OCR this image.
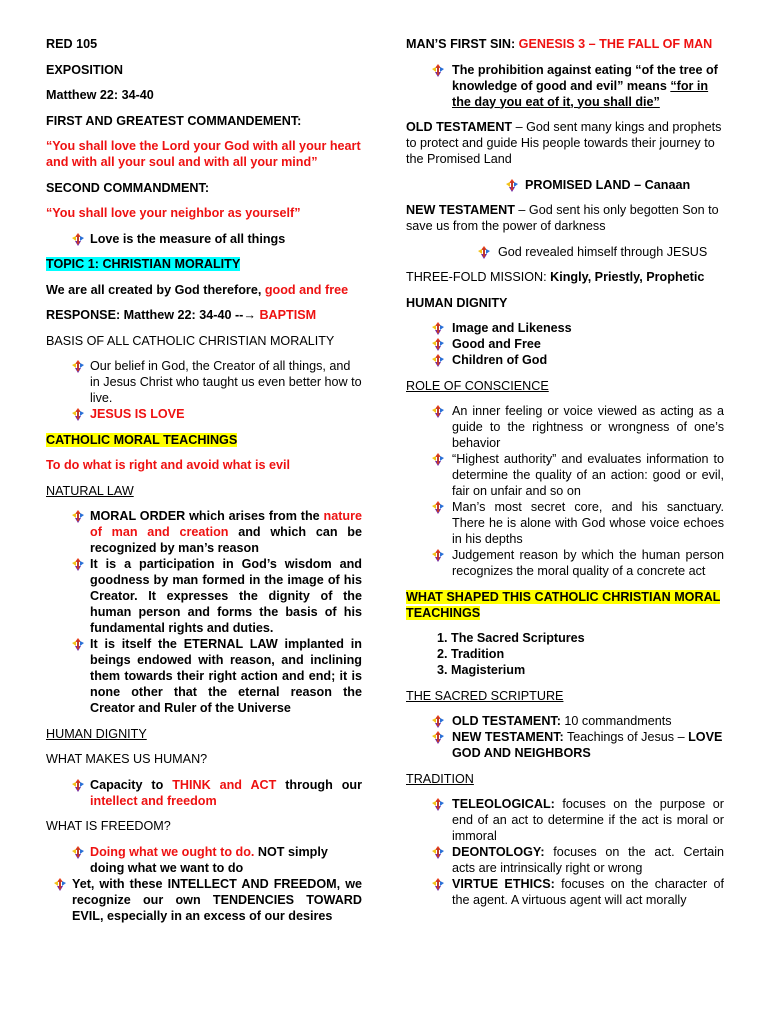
RED 105

EXPOSITION

Matthew 22: 34-40

FIRST AND GREATEST COMMANDEMENT:

“You shall love the Lord your God with all your heart and with all your soul and with all your mind”

SECOND COMMANDMENT:

“You shall love your neighbor as yourself”

Love is the measure of all things

TOPIC 1: CHRISTIAN MORALITY

We are all created by God therefore, good and free

RESPONSE: Matthew 22: 34-40 --→ BAPTISM

BASIS OF ALL CATHOLIC CHRISTIAN MORALITY

Our belief in God, the Creator of all things, and in Jesus Christ who taught us even better how to live.
JESUS IS LOVE

CATHOLIC MORAL TEACHINGS

To do what is right and avoid what is evil

NATURAL LAW

MORAL ORDER which arises from the nature of man and creation and which can be recognized by man’s reason
It is a participation in God’s wisdom and goodness by man formed in the image of his Creator. It expresses the dignity of the human person and forms the basis of his fundamental rights and duties.
It is itself the ETERNAL LAW implanted in beings endowed with reason, and inclining them towards their right action and end; it is none other that the eternal reason the Creator and Ruler of the Universe

HUMAN DIGNITY

WHAT MAKES US HUMAN?

Capacity to THINK and ACT through our intellect and freedom

WHAT IS FREEDOM?

Doing what we ought to do. NOT simply doing what we want to do
Yet, with these INTELLECT AND FREEDOM, we recognize our own TENDENCIES TOWARD EVIL, especially in an excess of our desires

MAN’S FIRST SIN: GENESIS 3 – THE FALL OF MAN

The prohibition against eating “of the tree of knowledge of good and evil” means “for in the day you eat of it, you shall die”

OLD TESTAMENT – God sent many kings and prophets to protect and guide His people towards their journey to the Promised Land

PROMISED LAND – Canaan

NEW TESTAMENT – God sent his only begotten Son to save us from the power of darkness

God revealed himself through JESUS

THREE-FOLD MISSION: Kingly, Priestly, Prophetic

HUMAN DIGNITY

Image and Likeness
Good and Free
Children of God

ROLE OF CONSCIENCE

An inner feeling or voice viewed as acting as a guide to the rightness or wrongness of one’s behavior
“Highest authority” and evaluates information to determine the quality of an action: good or evil, fair on unfair and so on
Man’s most secret core, and his sanctuary. There he is alone with God whose voice echoes in his depths
Judgement reason by which the human person recognizes the moral quality of a concrete act

WHAT SHAPED THIS CATHOLIC CHRISTIAN MORAL TEACHINGS

1. The Sacred Scriptures
2. Tradition
3. Magisterium

THE SACRED SCRIPTURE

OLD TESTAMENT: 10 commandments
NEW TESTAMENT: Teachings of Jesus – LOVE GOD AND NEIGHBORS

TRADITION

TELEOLOGICAL: focuses on the purpose or end of an act to determine if the act is moral or immoral
DEONTOLOGY: focuses on the act. Certain acts are intrinsically right or wrong
VIRTUE ETHICS: focuses on the character of the agent. A virtuous agent will act morally
